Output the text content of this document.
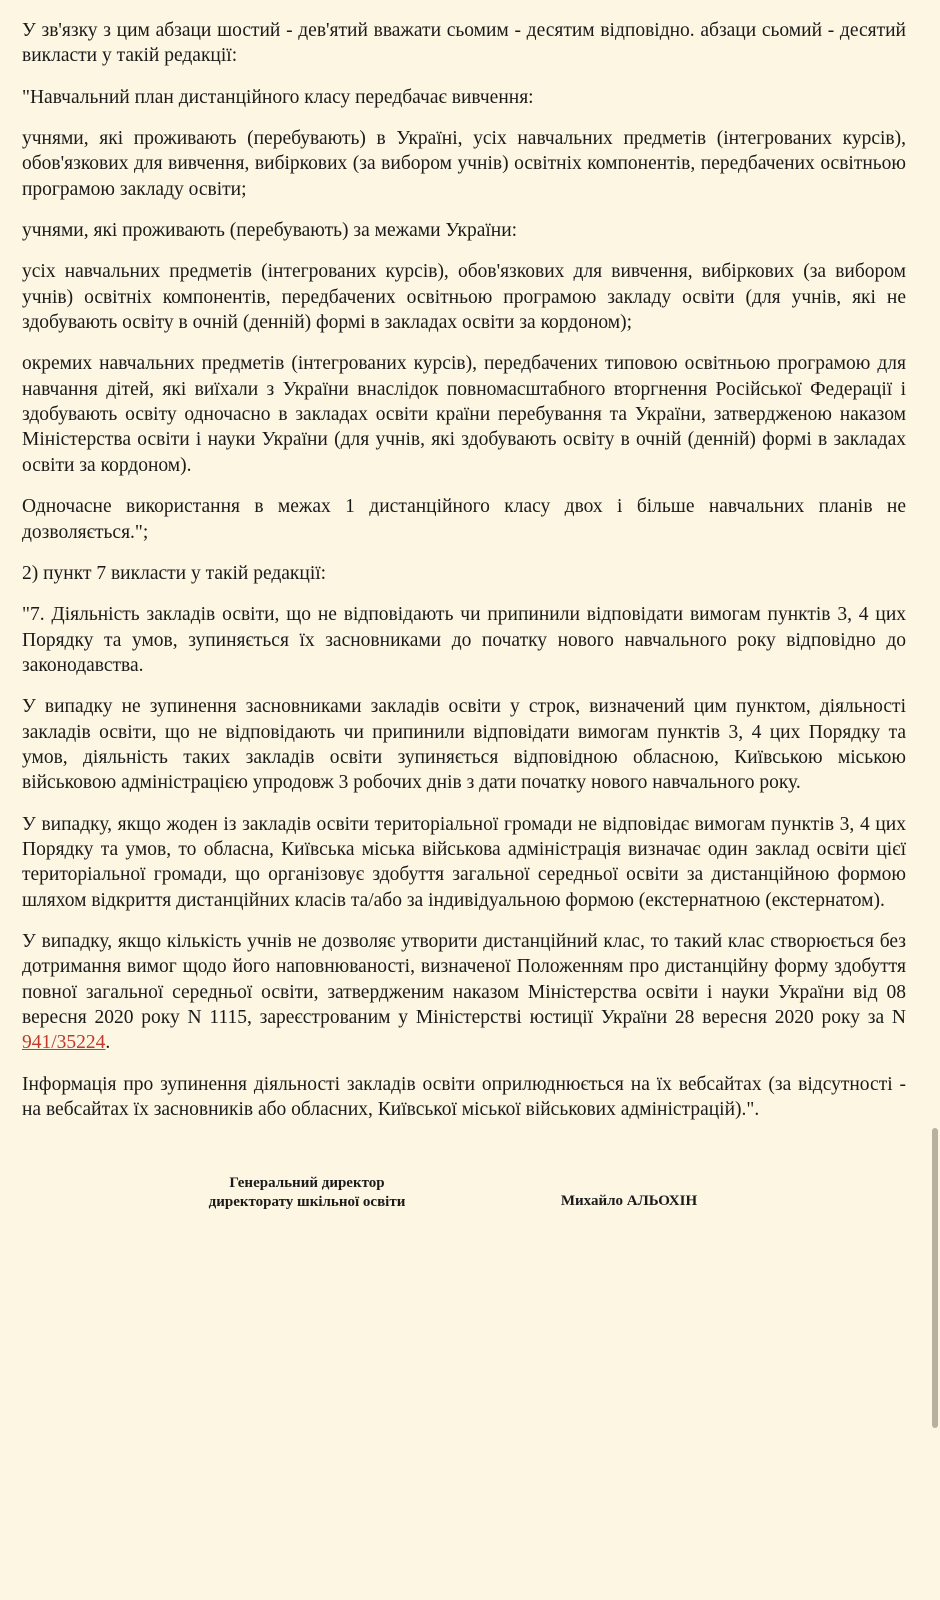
У зв'язку з цим абзаци шостий - дев'ятий вважати сьомим - десятим відповідно. абзаци сьомий - десятий викласти у такій редакції:

"Навчальний план дистанційного класу передбачає вивчення:

учнями, які проживають (перебувають) в Україні, усіх навчальних предметів (інтегрованих курсів), обов'язкових для вивчення, вибіркових (за вибором учнів) освітніх компонентів, передбачених освітньою програмою закладу освіти;

учнями, які проживають (перебувають) за межами України:

усіх навчальних предметів (інтегрованих курсів), обов'язкових для вивчення, вибіркових (за вибором учнів) освітніх компонентів, передбачених освітньою програмою закладу освіти (для учнів, які не здобувають освіту в очній (денній) формі в закладах освіти за кордоном);

окремих навчальних предметів (інтегрованих курсів), передбачених типовою освітньою програмою для навчання дітей, які виїхали з України внаслідок повномасштабного вторгнення Російської Федерації і здобувають освіту одночасно в закладах освіти країни перебування та України, затвердженою наказом Міністерства освіти і науки України (для учнів, які здобувають освіту в очній (денній) формі в закладах освіти за кордоном).

Одночасне використання в межах 1 дистанційного класу двох і більше навчальних планів не дозволяється.";

2) пункт 7 викласти у такій редакції:

"7. Діяльність закладів освіти, що не відповідають чи припинили відповідати вимогам пунктів 3, 4 цих Порядку та умов, зупиняється їх засновниками до початку нового навчального року відповідно до законодавства.

У випадку не зупинення засновниками закладів освіти у строк, визначений цим пунктом, діяльності закладів освіти, що не відповідають чи припинили відповідати вимогам пунктів 3, 4 цих Порядку та умов, діяльність таких закладів освіти зупиняється відповідною обласною, Київською міською військовою адміністрацією упродовж 3 робочих днів з дати початку нового навчального року.

У випадку, якщо жоден із закладів освіти територіальної громади не відповідає вимогам пунктів 3, 4 цих Порядку та умов, то обласна, Київська міська військова адміністрація визначає один заклад освіти цієї територіальної громади, що організовує здобуття загальної середньої освіти за дистанційною формою шляхом відкриття дистанційних класів та/або за індивідуальною формою (екстернатною (екстернатом).

У випадку, якщо кількість учнів не дозволяє утворити дистанційний клас, то такий клас створюється без дотримання вимог щодо його наповнюваності, визначеної Положенням про дистанційну форму здобуття повної загальної середньої освіти, затвердженим наказом Міністерства освіти і науки України від 08 вересня 2020 року N 1115, зареєстрованим у Міністерстві юстиції України 28 вересня 2020 року за N 941/35224.

Інформація про зупинення діяльності закладів освіти оприлюднюється на їх вебсайтах (за відсутності - на вебсайтах їх засновників або обласних, Київської міської військових адміністрацій).".

Генеральний директор
директорату шкільної освіти	Михайло АЛЬОХІН
